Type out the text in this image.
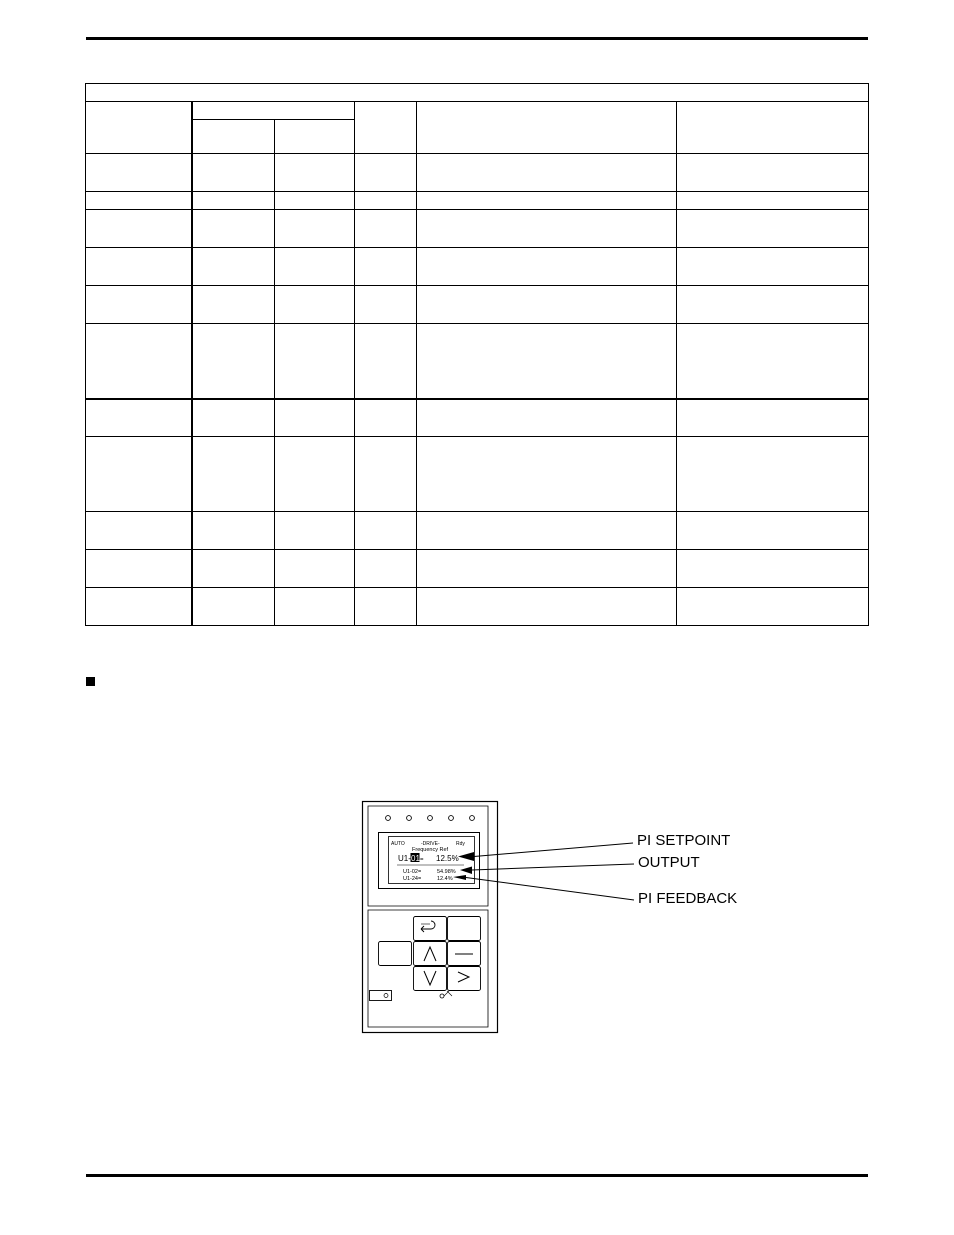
AUTO	-DRIVE-	Rdy
Frequency Ref
U1- 01 = 12.5%
U1-02=	54.98%
U1-24=	12.4%
PI SETPOINT
OUTPUT
PI FEEDBACK
